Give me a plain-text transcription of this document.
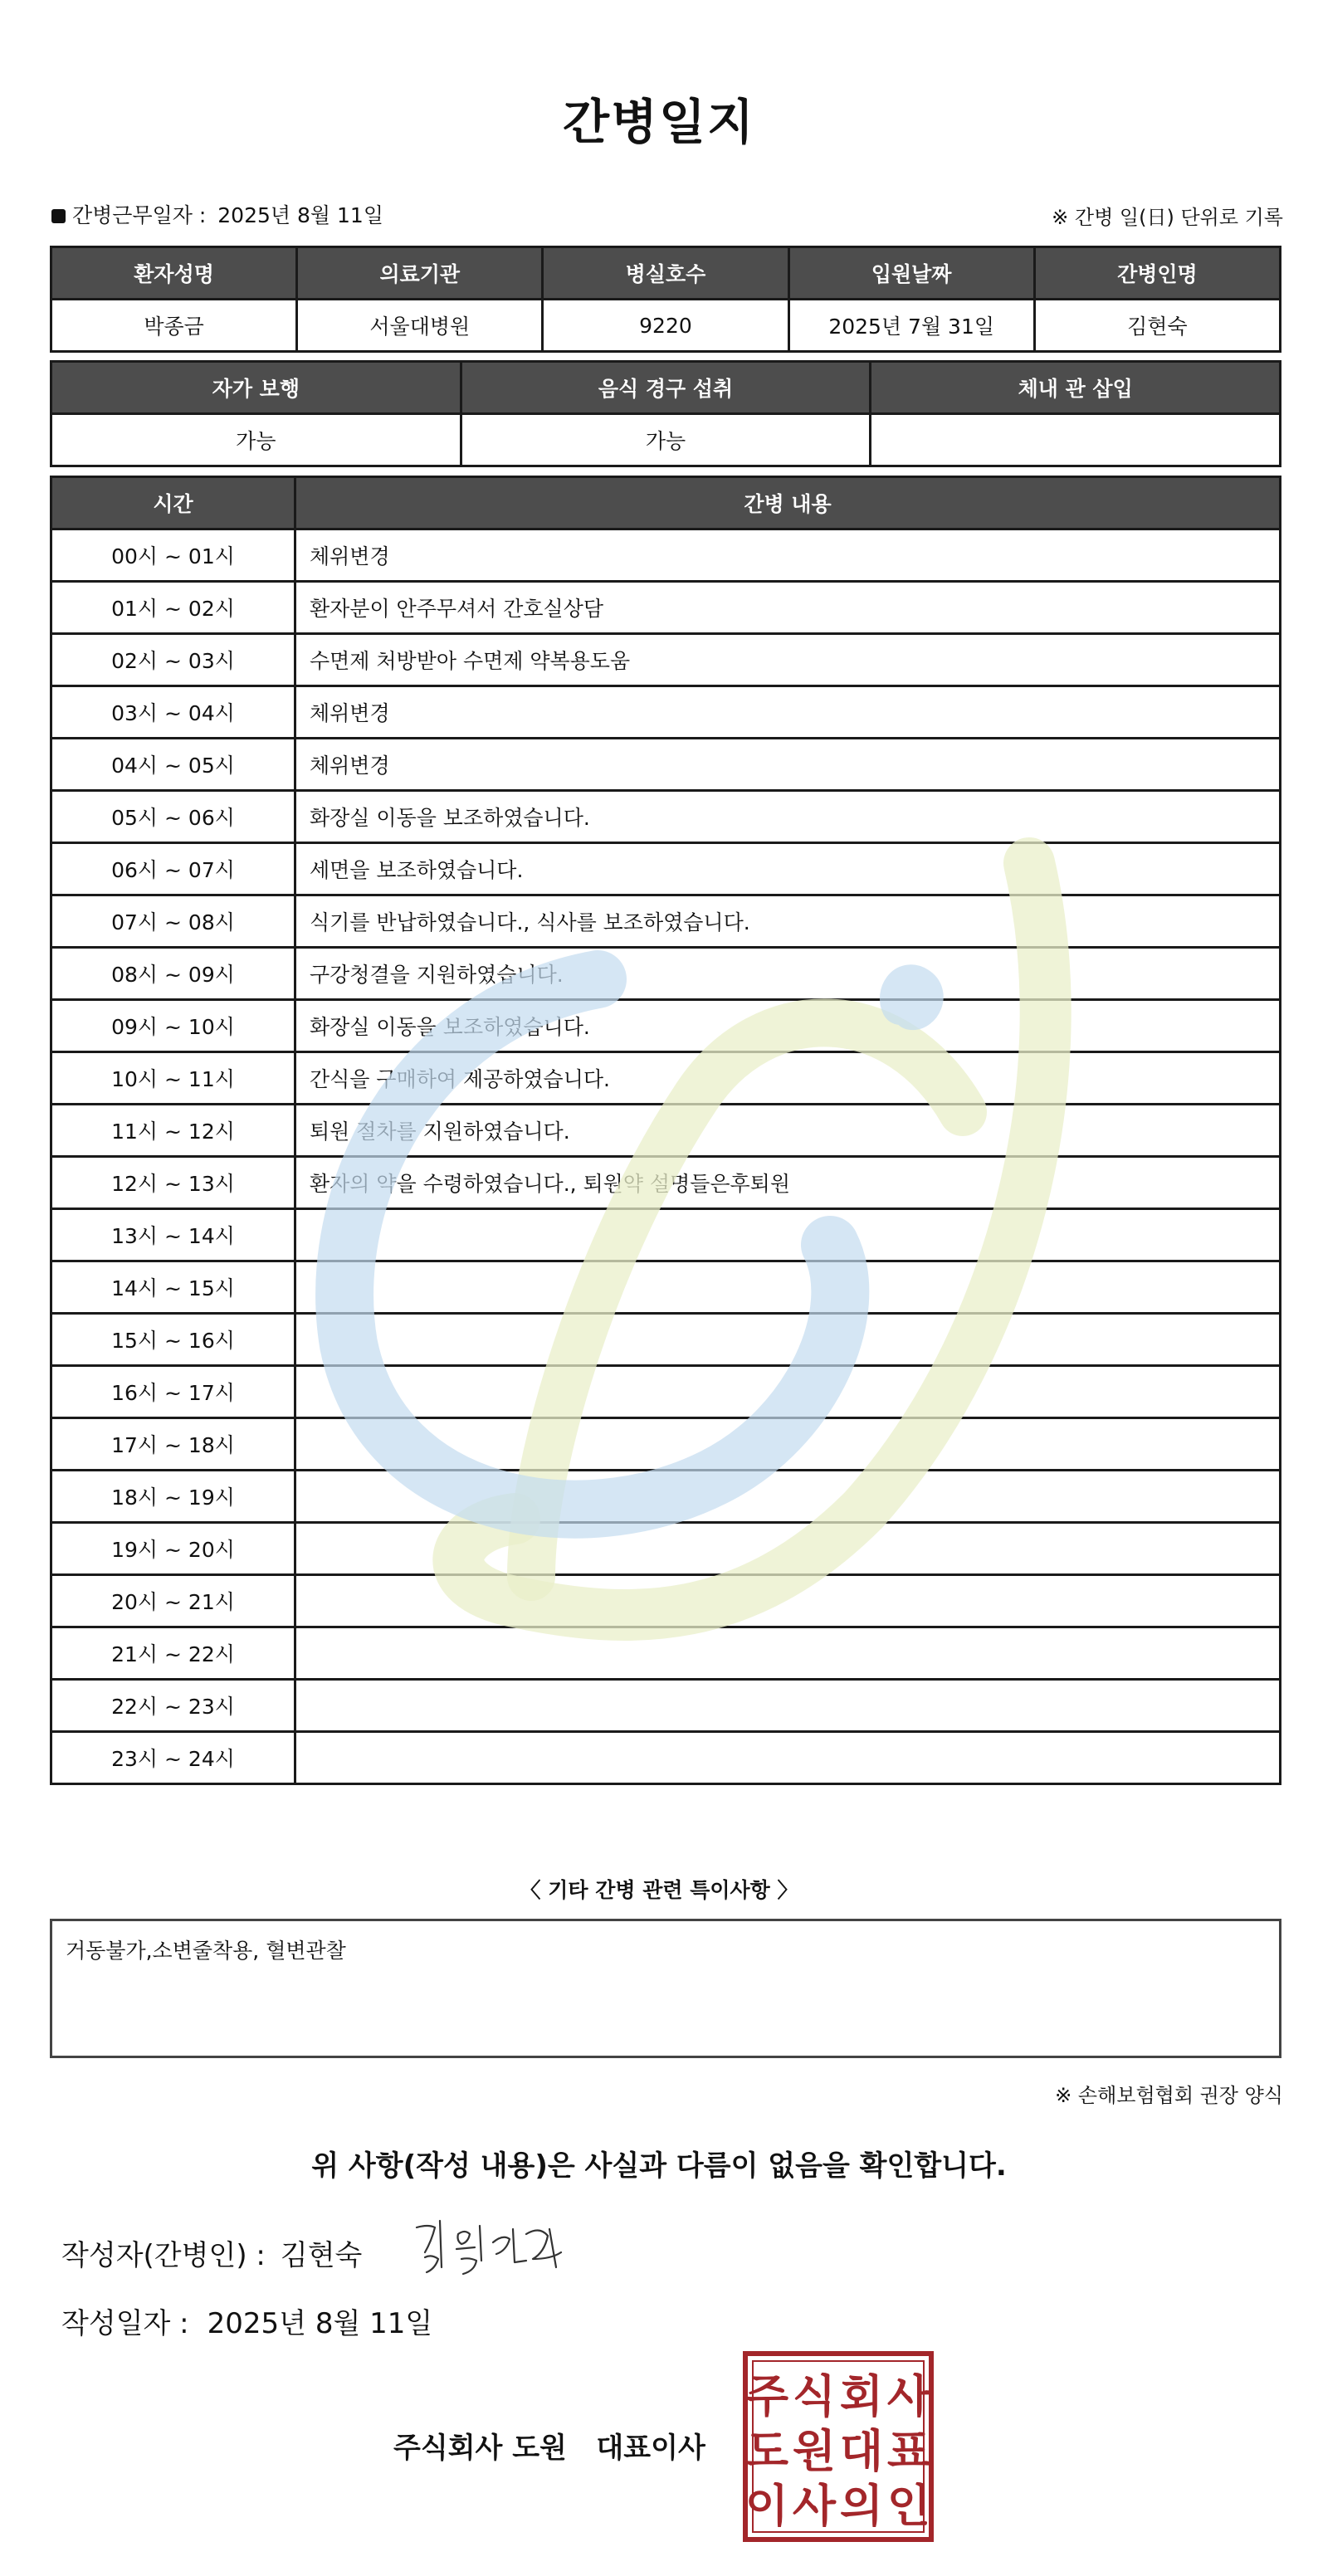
간병일지
간병근무일자 : 2025년 8월 11일	※ 간병 일(日) 단위로 기록
환자성명	의료기관	병실호수	입원날짜	간병인명
박종금	서울대병원	9220	2025년 7월 31일	김현숙
자가 보행	음식 경구 섭취	체내 관 삽입
가능	가능	
시간	간병 내용
00시 ~ 01시	체위변경
01시 ~ 02시	환자분이 안주무셔서 간호실상담
02시 ~ 03시	수면제 처방받아 수면제 약복용도움
03시 ~ 04시	체위변경
04시 ~ 05시	체위변경
05시 ~ 06시	화장실 이동을 보조하였습니다.
06시 ~ 07시	세면을 보조하였습니다.
07시 ~ 08시	식기를 반납하였습니다., 식사를 보조하였습니다.
08시 ~ 09시	구강청결을 지원하였습니다.
09시 ~ 10시	화장실 이동을 보조하였습니다.
10시 ~ 11시	간식을 구매하여 제공하였습니다.
11시 ~ 12시	퇴원 절차를 지원하였습니다.
12시 ~ 13시	환자의 약을 수령하였습니다., 퇴원약 설명들은후퇴원
13시 ~ 14시	
14시 ~ 15시	
15시 ~ 16시	
16시 ~ 17시	
17시 ~ 18시	
18시 ~ 19시	
19시 ~ 20시	
20시 ~ 21시	
21시 ~ 22시	
22시 ~ 23시	
23시 ~ 24시	
〈 기타 간병 관련 특이사항 〉
거동불가,소변줄착용, 혈변관찰
※ 손해보험협회 권장 양식
위 사항(작성 내용)은 사실과 다름이 없음을 확인합니다.
작성자(간병인) : 김현숙
작성일자 : 2025년 8월 11일
주식회사 도원   대표이사
주 식 회 사
도 원 대 표
이 사 의 인
